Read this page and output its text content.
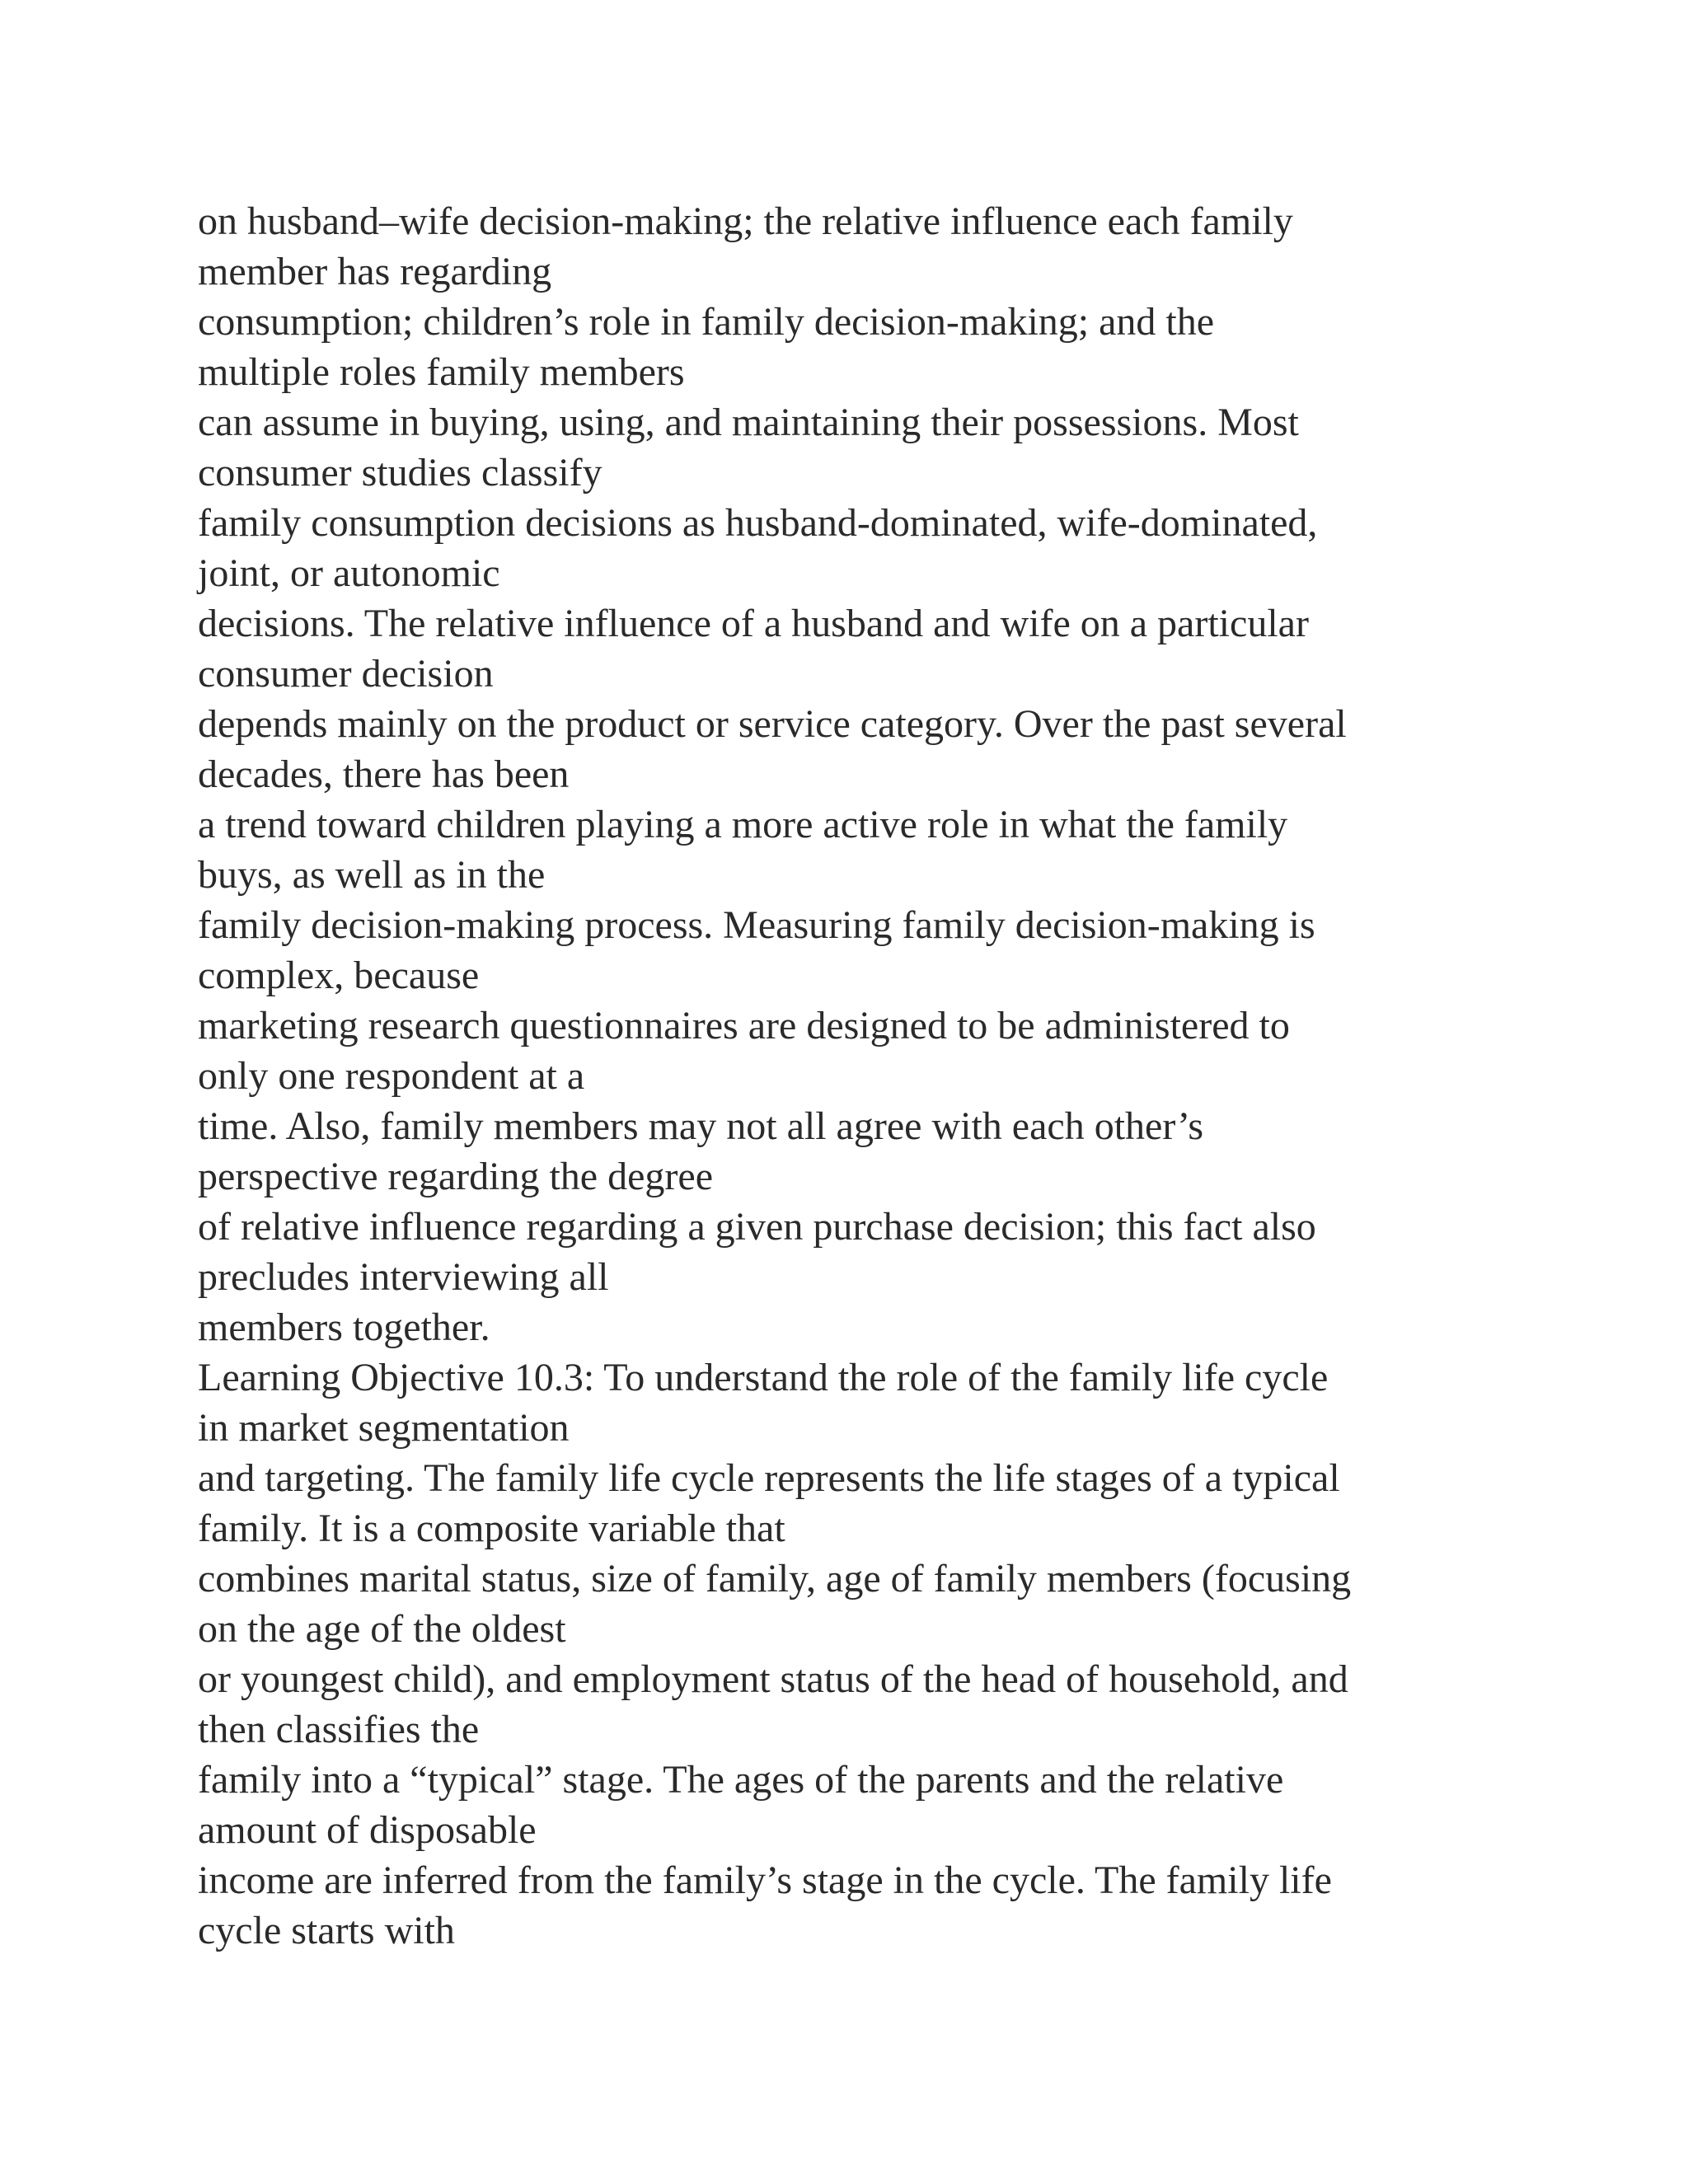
on husband–wife decision-making; the relative influence each family
member has regarding
consumption; children’s role in family decision-making; and the
multiple roles family members
can assume in buying, using, and maintaining their possessions. Most
consumer studies classify
family consumption decisions as husband-dominated, wife-dominated,
joint, or autonomic
decisions. The relative influence of a husband and wife on a particular
consumer decision
depends mainly on the product or service category. Over the past several
decades, there has been
a trend toward children playing a more active role in what the family
buys, as well as in the
family decision-making process. Measuring family decision-making is
complex, because
marketing research questionnaires are designed to be administered to
only one respondent at a
time. Also, family members may not all agree with each other’s
perspective regarding the degree
of relative influence regarding a given purchase decision; this fact also
precludes interviewing all
members together.
Learning Objective 10.3: To understand the role of the family life cycle
in market segmentation
and targeting. The family life cycle represents the life stages of a typical
family. It is a composite variable that
combines marital status, size of family, age of family members (focusing
on the age of the oldest
or youngest child), and employment status of the head of household, and
then classifies the
family into a “typical” stage. The ages of the parents and the relative
amount of disposable
income are inferred from the family’s stage in the cycle. The family life
cycle starts with
